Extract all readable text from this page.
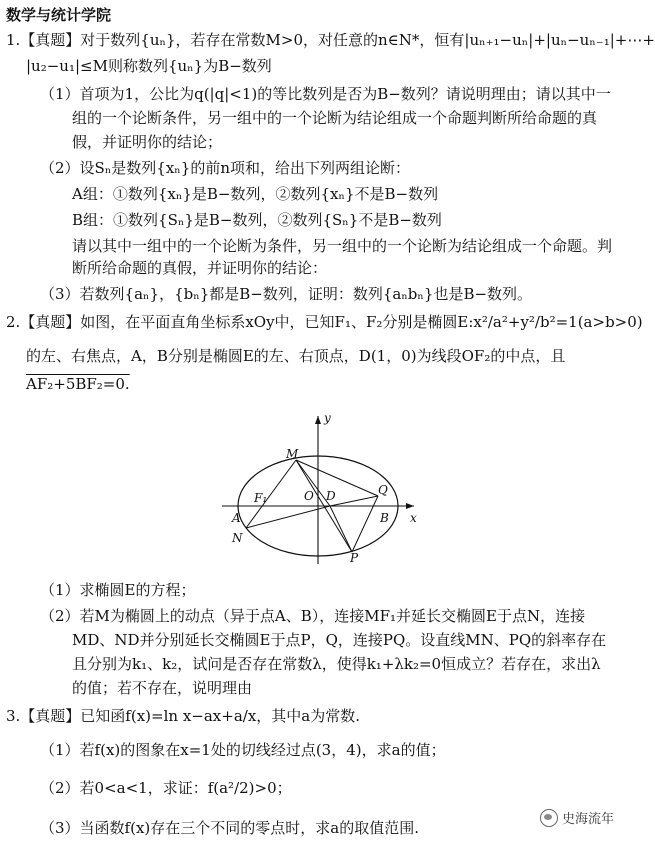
数学与统计学院
1.【真题】对于数列{uₙ}，若存在常数M>0，对任意的n∈N*，恒有|uₙ₊₁−uₙ|+|uₙ−uₙ₋₁|+⋯+
|u₂−u₁|≤M则称数列{uₙ}为B−数列
（1）首项为1，公比为q(|q|<1)的等比数列是否为B−数列？请说明理由；请以其中一
组的一个论断条件，另一组中的一个论断为结论组成一个命题判断所给命题的真
假，并证明你的结论；
（2）设Sₙ是数列{xₙ}的前n项和，给出下列两组论断：
A组：①数列{xₙ}是B−数列，②数列{xₙ}不是B−数列
B组：①数列{Sₙ}是B−数列，②数列{Sₙ}不是B−数列
请以其中一组中的一个论断为条件，另一组中的一个论断为结论组成一个命题。判
断所给命题的真假，并证明你的结论：
（3）若数列{aₙ}，{bₙ}都是B−数列，证明：数列{aₙbₙ}也是B−数列。
2.【真题】如图，在平面直角坐标系xOy中，已知F₁、F₂分别是椭圆E:x²/a²+y²/b²=1(a>b>0)
的左、右焦点，A，B分别是椭圆E的左、右顶点，D(1，0)为线段OF₂的中点，且
AF₂+5BF₂=0.
（1）求椭圆E的方程；
（2）若M为椭圆上的动点（异于点A、B），连接MF₁并延长交椭圆E于点N，连接
MD、ND并分别延长交椭圆E于点P，Q，连接PQ。设直线MN、PQ的斜率存在
且分别为k₁、k₂，试问是否存在常数λ，使得k₁+λk₂=0恒成立？若存在，求出λ
的值；若不存在，说明理由
y
x
M
F₁	O D	Q
A	B
N
P
3.【真题】已知函f(x)=ln x−ax+a/x，其中a为常数.
（1）若f(x)的图象在x=1处的切线经过点(3，4)，求a的值；
（2）若0<a<1，求证：f(a²/2)>0；
（3）当函数f(x)存在三个不同的零点时，求a的取值范围.	史海流年
